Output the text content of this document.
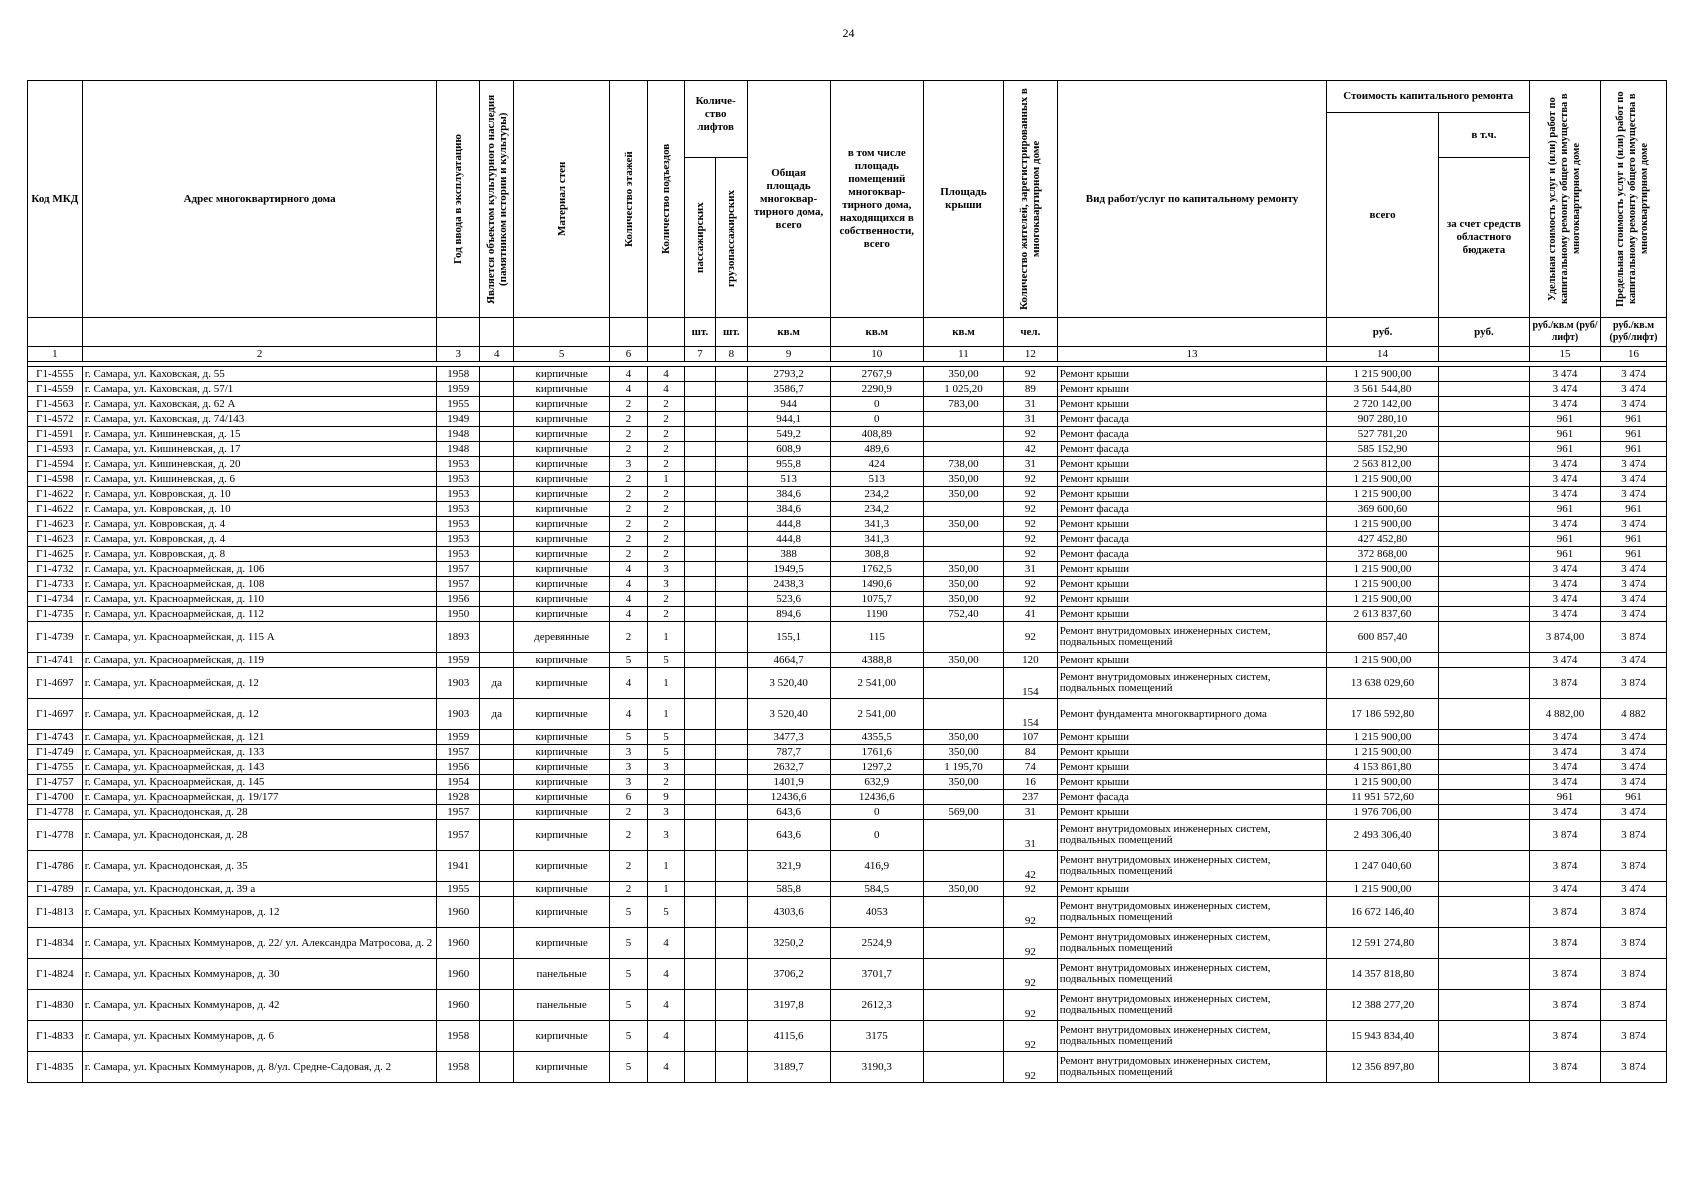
24
Код МКД	Адрес многоквартирного дома	Год ввода в эксплуатацию	Является объектом культурного наследия (памятником истории и культуры)	Материал стен	Количество этажей	Количество подъездов	Количе-ство лифтов		Общая площадь многоквар-тирного дома, всего	в том числе площадь помещений многоквар-тирного дома, находящихся в собственности, всего	Площадь крыши	Количество жителей, зарегистрированных в многоквартирном доме	Вид работ/услуг по капитальному ремонту	Стоимость капитального ремонта		Удельная стоимость услуг и (или) работ по капитальному ремонту общего имущества в многоквартирном доме	Предельная стоимость услуг и (или) работ по капитальному ремонту общего имущества в многоквартирном доме

														всего	в т.ч.		

							пассажирских	грузопассажирских							за счет средств областного бюджета		
							шт.	шт.	кв.м	кв.м	кв.м	чел.		руб.	руб.	руб./кв.м (руб/лифт)	руб./кв.м (руб/лифт)
1	2	3	4	5	6		7	8	9	10	11	12	13	14		15	16

Г1-4555	г. Самара, ул. Каховская, д. 55	1958		кирпичные	4	4			2793,2	2767,9	350,00	92	Ремонт крыши	1 215 900,00		3 474	3 474
Г1-4559	г. Самара, ул. Каховская, д. 57/1	1959		кирпичные	4	4			3586,7	2290,9	1 025,20	89	Ремонт крыши	3 561 544,80		3 474	3 474
Г1-4563	г. Самара, ул. Каховская, д. 62 А	1955		кирпичные	2	2			944	0	783,00	31	Ремонт крыши	2 720 142,00		3 474	3 474
Г1-4572	г. Самара, ул. Каховская, д. 74/143	1949		кирпичные	2	2			944,1	0		31	Ремонт фасада	907 280,10		961	961
Г1-4591	г. Самара, ул. Кишиневская, д. 15	1948		кирпичные	2	2			549,2	408,89		92	Ремонт фасада	527 781,20		961	961
Г1-4593	г. Самара, ул. Кишиневская, д. 17	1948		кирпичные	2	2			608,9	489,6		42	Ремонт фасада	585 152,90		961	961
Г1-4594	г. Самара, ул. Кишиневская, д. 20	1953		кирпичные	3	2			955,8	424	738,00	31	Ремонт крыши	2 563 812,00		3 474	3 474
Г1-4598	г. Самара, ул. Кишиневская, д. 6	1953		кирпичные	2	1			513	513	350,00	92	Ремонт крыши	1 215 900,00		3 474	3 474
Г1-4622	г. Самара, ул. Ковровская, д. 10	1953		кирпичные	2	2			384,6	234,2	350,00	92	Ремонт крыши	1 215 900,00		3 474	3 474
Г1-4622	г. Самара, ул. Ковровская, д. 10	1953		кирпичные	2	2			384,6	234,2		92	Ремонт фасада	369 600,60		961	961
Г1-4623	г. Самара, ул. Ковровская, д. 4	1953		кирпичные	2	2			444,8	341,3	350,00	92	Ремонт крыши	1 215 900,00		3 474	3 474
Г1-4623	г. Самара, ул. Ковровская, д. 4	1953		кирпичные	2	2			444,8	341,3		92	Ремонт фасада	427 452,80		961	961
Г1-4625	г. Самара, ул. Ковровская, д. 8	1953		кирпичные	2	2			388	308,8		92	Ремонт фасада	372 868,00		961	961
Г1-4732	г. Самара, ул. Красноармейская, д. 106	1957		кирпичные	4	3			1949,5	1762,5	350,00	31	Ремонт крыши	1 215 900,00		3 474	3 474
Г1-4733	г. Самара, ул. Красноармейская, д. 108	1957		кирпичные	4	3			2438,3	1490,6	350,00	92	Ремонт крыши	1 215 900,00		3 474	3 474
Г1-4734	г. Самара, ул. Красноармейская, д. 110	1956		кирпичные	4	2			523,6	1075,7	350,00	92	Ремонт крыши	1 215 900,00		3 474	3 474
Г1-4735	г. Самара, ул. Красноармейская, д. 112	1950		кирпичные	4	2			894,6	1190	752,40	41	Ремонт крыши	2 613 837,60		3 474	3 474
Г1-4739	г. Самара, ул. Красноармейская, д. 115 А	1893		деревянные	2	1			155,1	115		92	Ремонт внутридомовых инженерных систем, подвальных помещений	600 857,40		3 874,00	3 874
Г1-4741	г. Самара, ул. Красноармейская, д. 119	1959		кирпичные	5	5			4664,7	4388,8	350,00	120	Ремонт крыши	1 215 900,00		3 474	3 474
Г1-4697	г. Самара, ул. Красноармейская, д. 12	1903	да	кирпичные	4	1			3 520,40	2 541,00		154	Ремонт внутридомовых инженерных систем, подвальных помещений	13 638 029,60		3 874	3 874
Г1-4697	г. Самара, ул. Красноармейская, д. 12	1903	да	кирпичные	4	1			3 520,40	2 541,00		154	Ремонт фундамента многоквартирного дома	17 186 592,80		4 882,00	4 882
Г1-4743	г. Самара, ул. Красноармейская, д. 121	1959		кирпичные	5	5			3477,3	4355,5	350,00	107	Ремонт крыши	1 215 900,00		3 474	3 474
Г1-4749	г. Самара, ул. Красноармейская, д. 133	1957		кирпичные	3	5			787,7	1761,6	350,00	84	Ремонт крыши	1 215 900,00		3 474	3 474
Г1-4755	г. Самара, ул. Красноармейская, д. 143	1956		кирпичные	3	3			2632,7	1297,2	1 195,70	74	Ремонт крыши	4 153 861,80		3 474	3 474
Г1-4757	г. Самара, ул. Красноармейская, д. 145	1954		кирпичные	3	2			1401,9	632,9	350,00	16	Ремонт крыши	1 215 900,00		3 474	3 474
Г1-4700	г. Самара, ул. Красноармейская, д. 19/177	1928		кирпичные	6	9			12436,6	12436,6		237	Ремонт фасада	11 951 572,60		961	961
Г1-4778	г. Самара, ул. Краснодонская, д. 28	1957		кирпичные	2	3			643,6	0	569,00	31	Ремонт крыши	1 976 706,00		3 474	3 474
Г1-4778	г. Самара, ул. Краснодонская, д. 28	1957		кирпичные	2	3			643,6	0		31	Ремонт внутридомовых инженерных систем, подвальных помещений	2 493 306,40		3 874	3 874
Г1-4786	г. Самара, ул. Краснодонская, д. 35	1941		кирпичные	2	1			321,9	416,9		42	Ремонт внутридомовых инженерных систем, подвальных помещений	1 247 040,60		3 874	3 874
Г1-4789	г. Самара, ул. Краснодонская, д. 39 а	1955		кирпичные	2	1			585,8	584,5	350,00	92	Ремонт крыши	1 215 900,00		3 474	3 474
Г1-4813	г. Самара, ул. Красных Коммунаров, д. 12	1960		кирпичные	5	5			4303,6	4053		92	Ремонт внутридомовых инженерных систем, подвальных помещений	16 672 146,40		3 874	3 874
Г1-4834	г. Самара, ул. Красных Коммунаров, д. 22/ ул. Александра Матросова, д. 2	1960		кирпичные	5	4			3250,2	2524,9		92	Ремонт внутридомовых инженерных систем, подвальных помещений	12 591 274,80		3 874	3 874
Г1-4824	г. Самара, ул. Красных Коммунаров, д. 30	1960		панельные	5	4			3706,2	3701,7		92	Ремонт внутридомовых инженерных систем, подвальных помещений	14 357 818,80		3 874	3 874
Г1-4830	г. Самара, ул. Красных Коммунаров, д. 42	1960		панельные	5	4			3197,8	2612,3		92	Ремонт внутридомовых инженерных систем, подвальных помещений	12 388 277,20		3 874	3 874
Г1-4833	г. Самара, ул. Красных Коммунаров, д. 6	1958		кирпичные	5	4			4115,6	3175		92	Ремонт внутридомовых инженерных систем, подвальных помещений	15 943 834,40		3 874	3 874
Г1-4835	г. Самара, ул. Красных Коммунаров, д. 8/ул. Средне-Садовая, д. 2	1958		кирпичные	5	4			3189,7	3190,3		92	Ремонт внутридомовых инженерных систем, подвальных помещений	12 356 897,80		3 874	3 874
